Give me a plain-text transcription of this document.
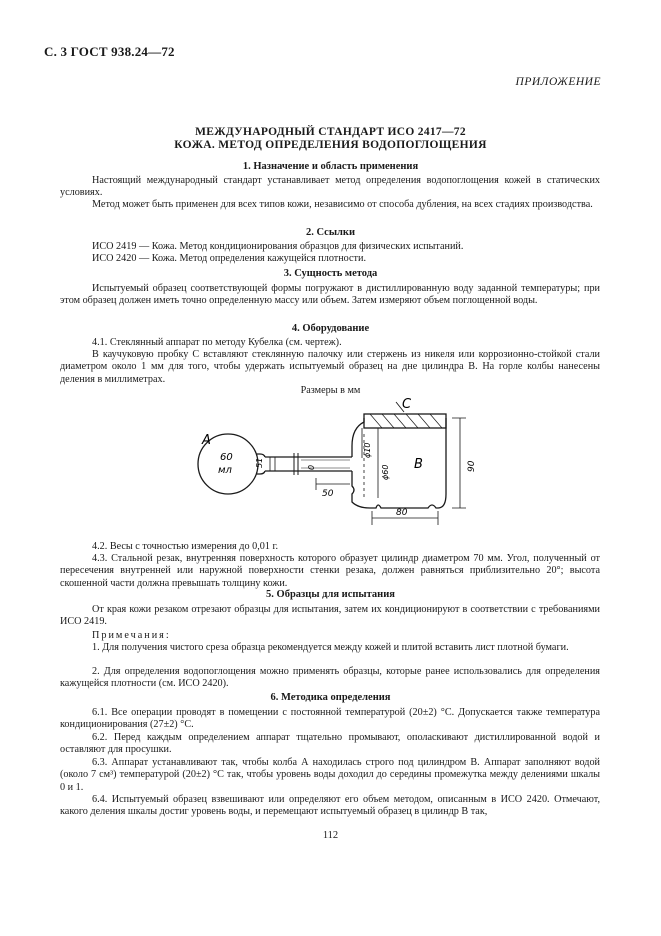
С. 3 ГОСТ 938.24—72
ПРИЛОЖЕНИЕ
МЕЖДУНАРОДНЫЙ СТАНДАРТ ИСО 2417—72
КОЖА. МЕТОД ОПРЕДЕЛЕНИЯ ВОДОПОГЛОЩЕНИЯ
1. Назначение и область применения
Настоящий международный стандарт устанавливает метод определения водопоглощения кожей в статических условиях.
Метод может быть применен для всех типов кожи, независимо от способа дубления, на всех стадиях производства.
2. Ссылки
ИСО 2419 — Кожа. Метод кондиционирования образцов для физических испытаний.
ИСО 2420 — Кожа. Метод определения кажущейся плотности.
3. Сущность метода
Испытуемый образец соответствующей формы погружают в дистиллированную воду заданной температуры; при этом образец должен иметь точно определенную массу или объем. Затем измеряют объем поглощенной воды.
4. Оборудование
4.1. Стеклянный аппарат по методу Кубелка (см. чертеж).
В каучуковую пробку С вставляют стеклянную палочку или стержень из никеля или коррозионно-стойкой стали диаметром около 1 мм для того, чтобы удержать испытуемый образец на дне цилиндра В. На горле колбы нанесены деления в миллиметрах.
Размеры в мм
А
С
В
60
мл
51	0
ϕ10
ϕ60
50
80
90
4.2. Весы с точностью измерения до 0,01 г.
4.3. Стальной резак, внутренняя поверхность которого образует цилиндр диаметром 70 мм. Угол, полученный от пересечения внутренней или наружной поверхности стенки резака, должен равняться приблизительно 20°; высота скошенной части должна превышать толщину кожи.
5. Образцы для испытания
От края кожи резаком отрезают образцы для испытания, затем их кондиционируют в соответствии с требованиями ИСО 2419.
Примечания:
1. Для получения чистого среза образца рекомендуется между кожей и плитой вставить лист плотной бумаги.
2. Для определения водопоглощения можно применять образцы, которые ранее использовались для определения кажущейся плотности (см. ИСО 2420).
6. Методика определения
6.1. Все операции проводят в помещении с постоянной температурой (20±2) °С. Допускается также температура кондиционирования (27±2) °С.
6.2. Перед каждым определением аппарат тщательно промывают, ополаскивают дистиллированной водой и оставляют для просушки.
6.3. Аппарат устанавливают так, чтобы колба А находилась строго под цилиндром В. Аппарат заполняют водой (около 7 см³) температурой (20±2) °С так, чтобы уровень воды доходил до середины промежутка между делениями шкалы 0 и 1.
6.4. Испытуемый образец взвешивают или определяют его объем методом, описанным в ИСО 2420. Отмечают, какого деления шкалы достиг уровень воды, и перемещают испытуемый образец в цилиндр В так,
112
